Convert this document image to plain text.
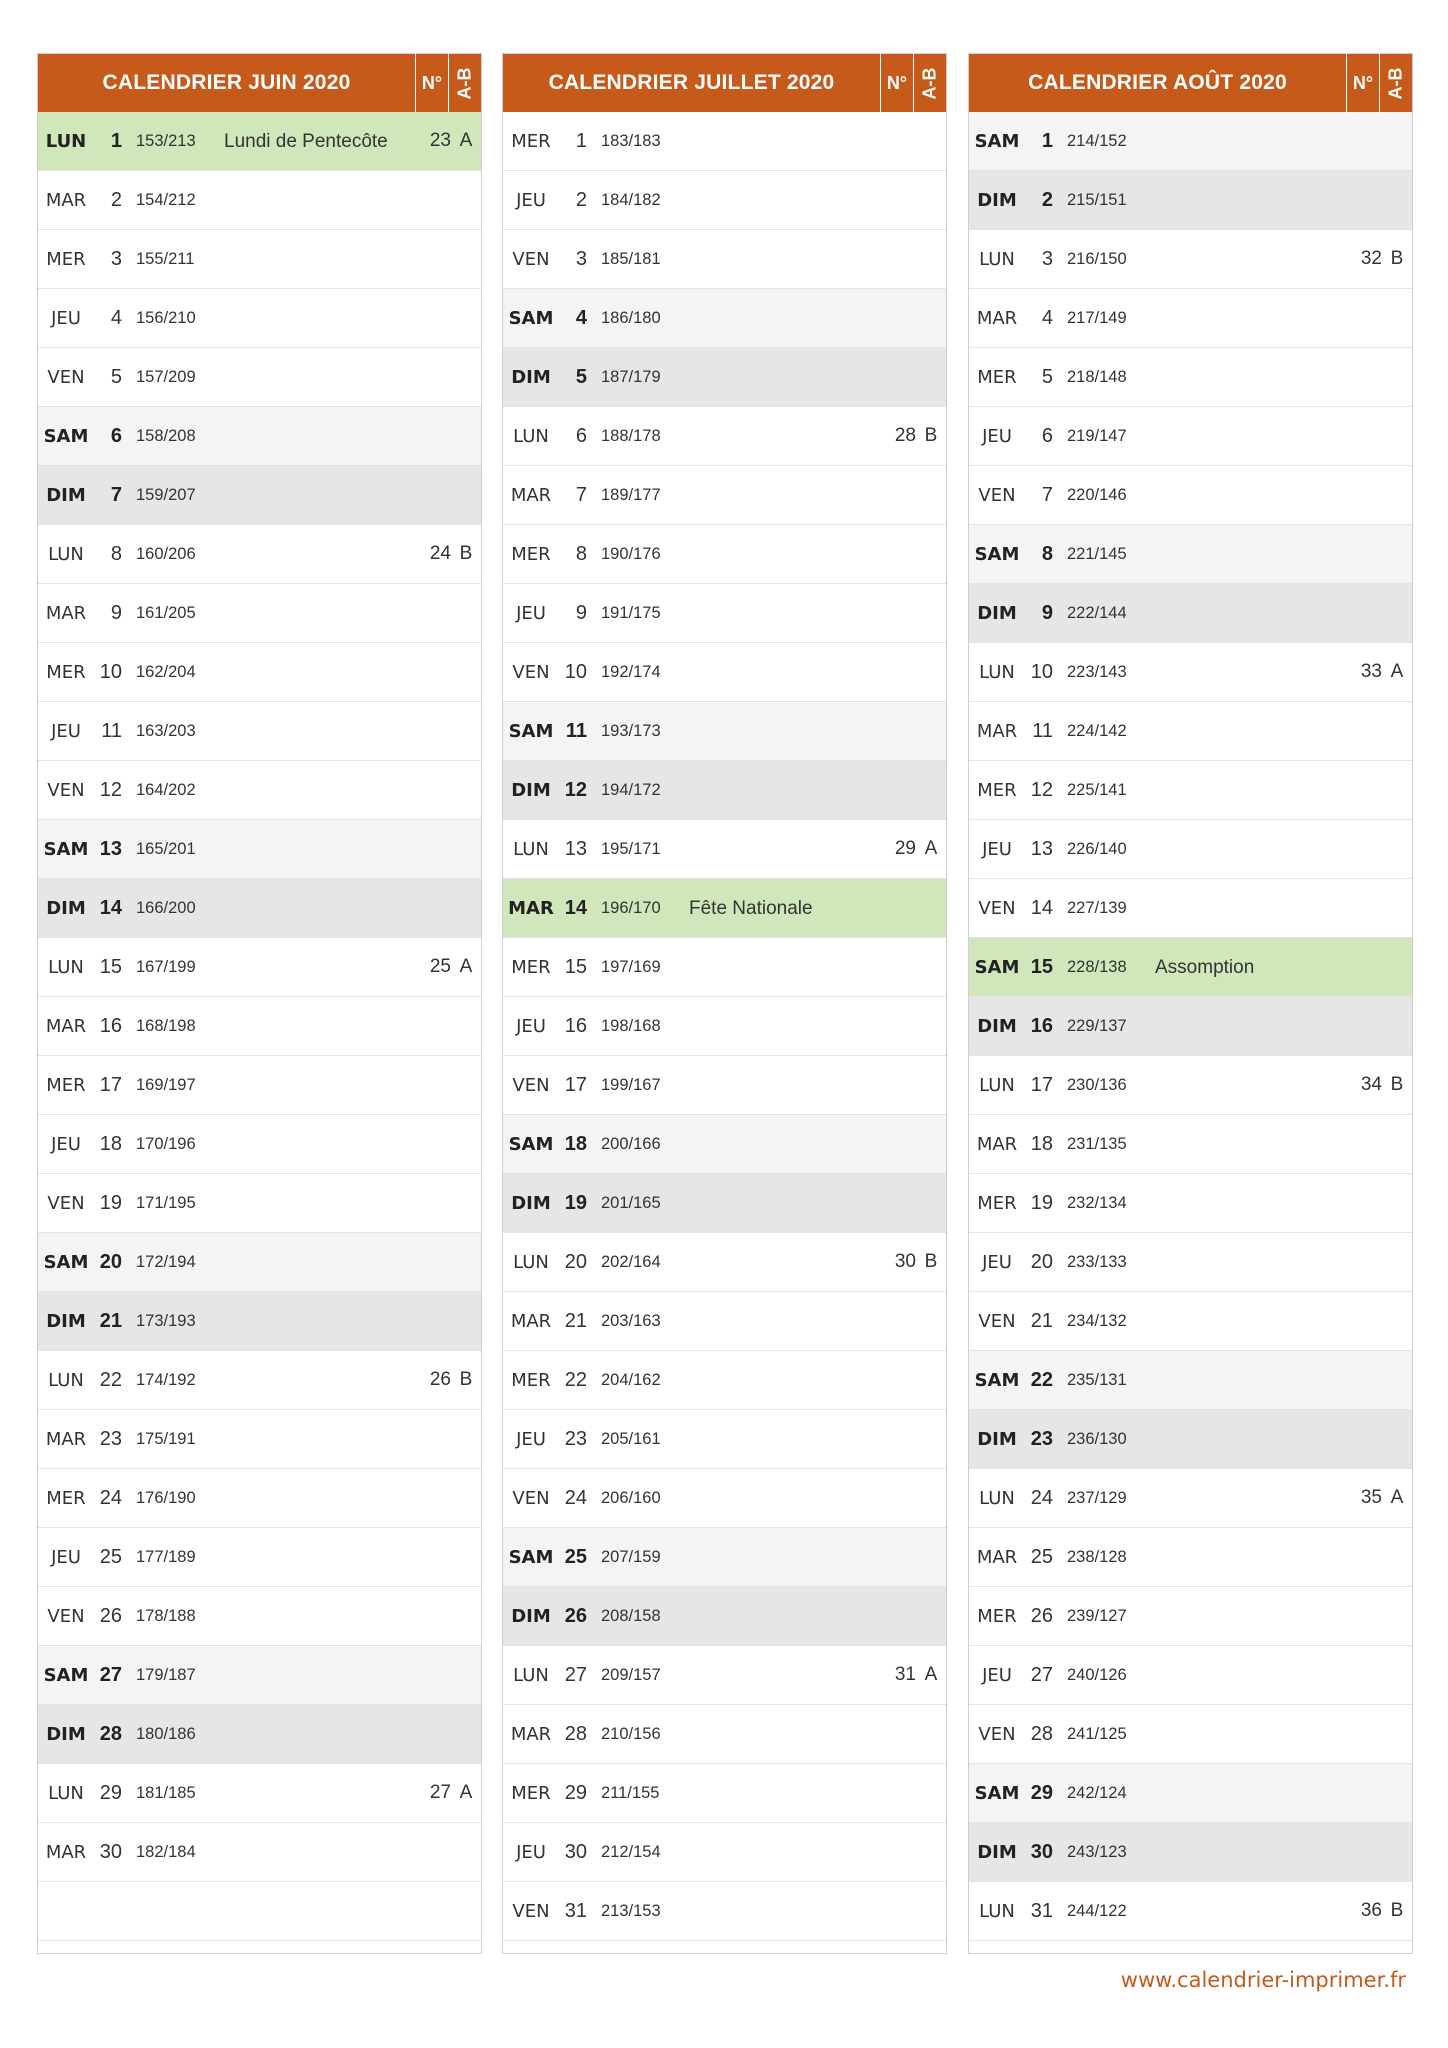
CALENDRIER JUIN 2020	N° A-B
LUN	1 153/213	Lundi de Pentecôte	23 A
MAR	2 154/212
MER	3 155/211
JEU	4 156/210
VEN	5 157/209
SAM	6 158/208
DIM	7 159/207
LUN	8 160/206	24 B
MAR	9 161/205
MER 10 162/204
JEU	11 163/203
VEN 12 164/202
SAM 13 165/201
DIM 14 166/200
LUN 15 167/199	25 A
MAR 16 168/198
MER 17 169/197
JEU 18 170/196
VEN 19 171/195
SAM 20 172/194
DIM 21 173/193
LUN 22 174/192	26 B
MAR 23 175/191
MER 24 176/190
JEU 25 177/189
VEN 26 178/188
SAM 27 179/187
DIM 28 180/186
LUN 29 181/185	27 A
MAR 30 182/184
CALENDRIER JUILLET 2020	N° A-B
MER	1 183/183
JEU	2 184/182
VEN	3 185/181
SAM	4 186/180
DIM	5 187/179
LUN	6 188/178	28 B
MAR	7 189/177
MER	8 190/176
JEU	9 191/175
VEN 10 192/174
SAM 11 193/173
DIM 12 194/172
LUN 13 195/171	29 A
MAR 14 196/170	Fête Nationale
MER 15 197/169
JEU 16 198/168
VEN 17 199/167
SAM 18 200/166
DIM 19 201/165
LUN 20 202/164	30 B
MAR 21 203/163
MER 22 204/162
JEU 23 205/161
VEN 24 206/160
SAM 25 207/159
DIM 26 208/158
LUN 27 209/157	31 A
MAR 28 210/156
MER 29 211/155
JEU 30 212/154
VEN 31 213/153
CALENDRIER AOÛT 2020	N° A-B
SAM	1 214/152
DIM	2 215/151
LUN	3 216/150	32 B
MAR	4 217/149
MER	5 218/148
JEU	6 219/147
VEN	7 220/146
SAM	8 221/145
DIM	9 222/144
LUN 10 223/143	33 A
MAR 11 224/142
MER 12 225/141
JEU 13 226/140
VEN 14 227/139
SAM 15 228/138	Assomption
DIM 16 229/137
LUN 17 230/136	34 B
MAR 18 231/135
MER 19 232/134
JEU 20 233/133
VEN 21 234/132
SAM 22 235/131
DIM 23 236/130
LUN 24 237/129	35 A
MAR 25 238/128
MER 26 239/127
JEU 27 240/126
VEN 28 241/125
SAM 29 242/124
DIM 30 243/123
LUN 31 244/122	36 B
www.calendrier-imprimer.fr
